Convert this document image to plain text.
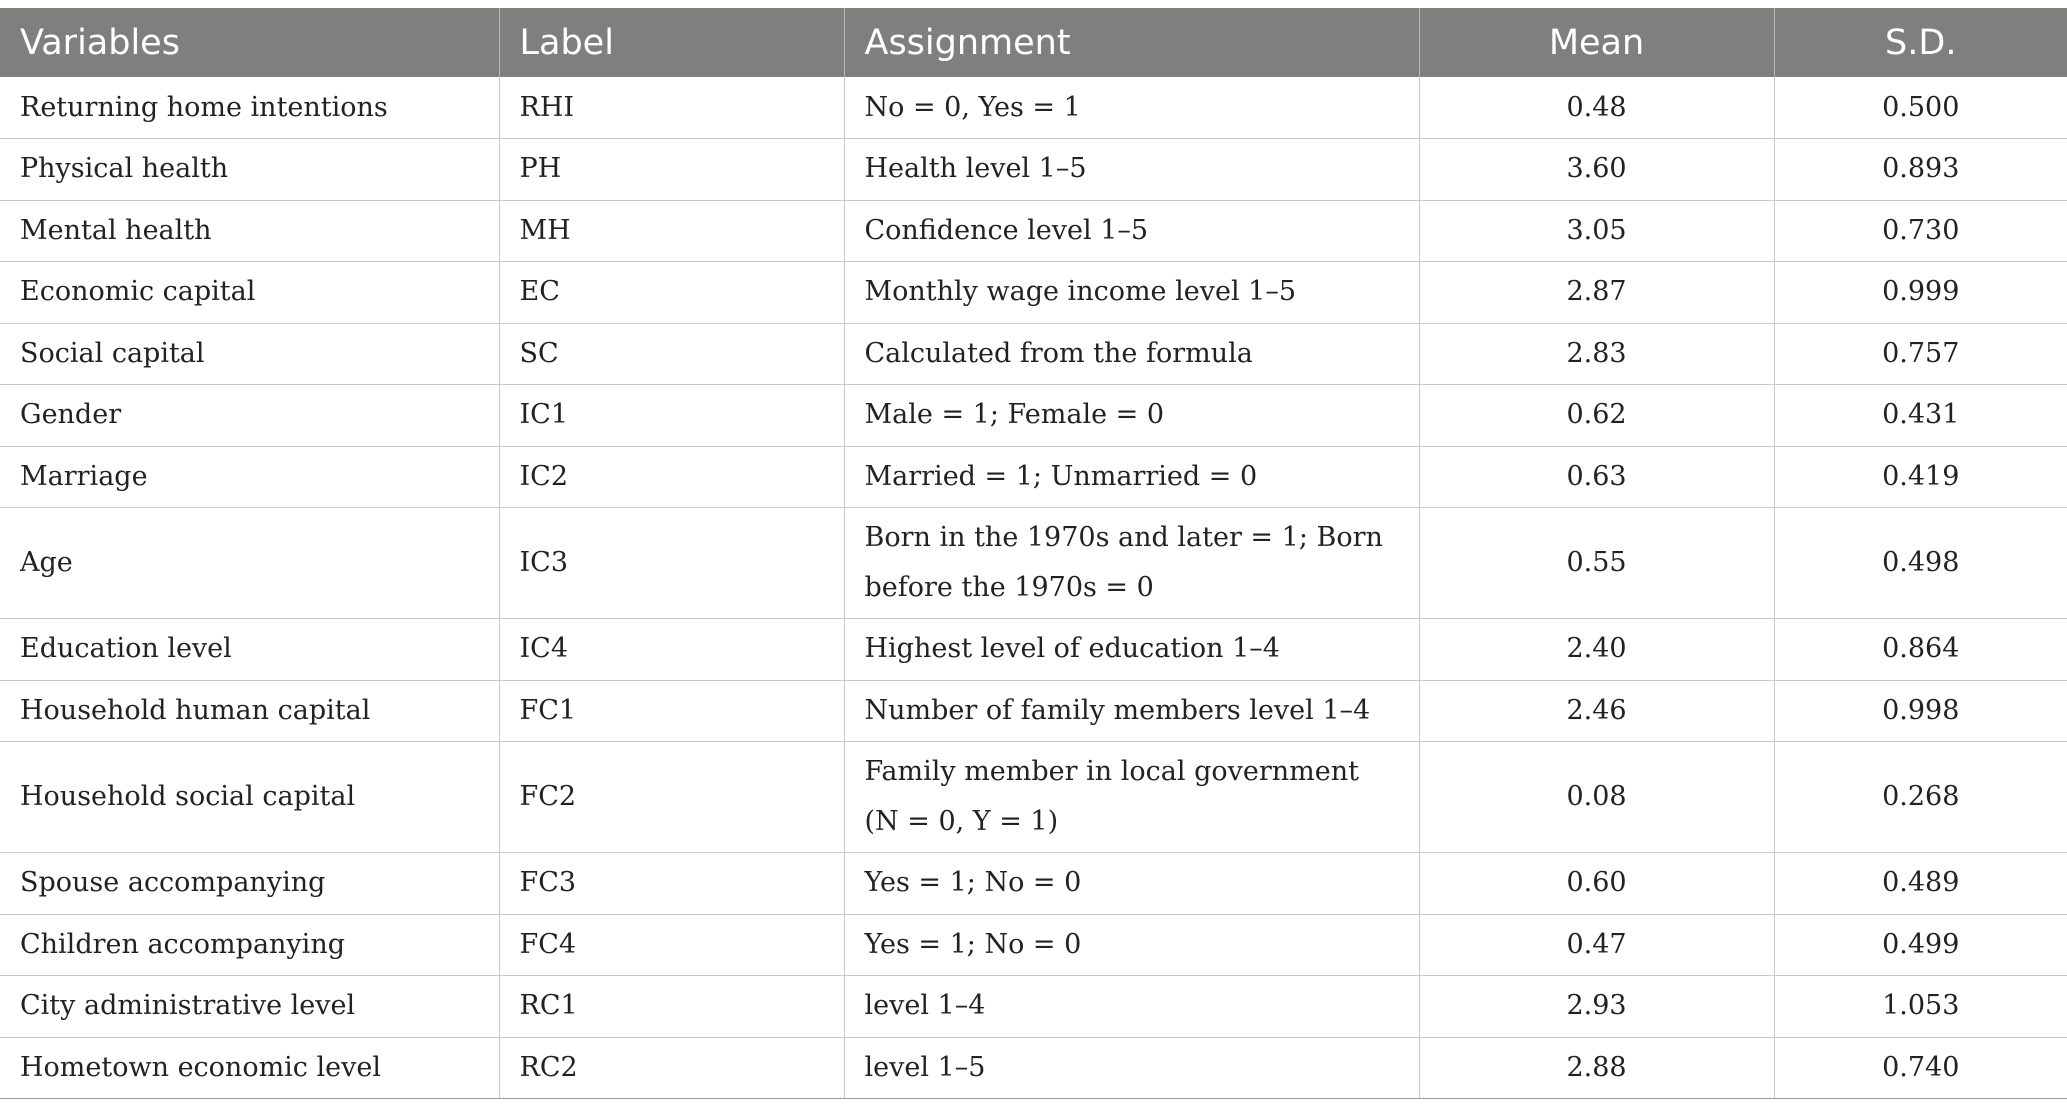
Variables	Label	Assignment	Mean	S.D.
Returning home intentions	RHI	No = 0, Yes = 1	0.48	0.500
Physical health	PH	Health level 1–5	3.60	0.893
Mental health	MH	Confidence level 1–5	3.05	0.730
Economic capital	EC	Monthly wage income level 1–5	2.87	0.999
Social capital	SC	Calculated from the formula	2.83	0.757
Gender	IC1	Male = 1; Female = 0	0.62	0.431
Marriage	IC2	Married = 1; Unmarried = 0	0.63	0.419
Age	IC3	Born in the 1970s and later = 1; Born before the 1970s = 0	0.55	0.498
Education level	IC4	Highest level of education 1–4	2.40	0.864
Household human capital	FC1	Number of family members level 1–4	2.46	0.998
Household social capital	FC2	Family member in local government (N = 0, Y = 1)	0.08	0.268
Spouse accompanying	FC3	Yes = 1; No = 0	0.60	0.489
Children accompanying	FC4	Yes = 1; No = 0	0.47	0.499
City administrative level	RC1	level 1–4	2.93	1.053
Hometown economic level	RC2	level 1–5	2.88	0.740
